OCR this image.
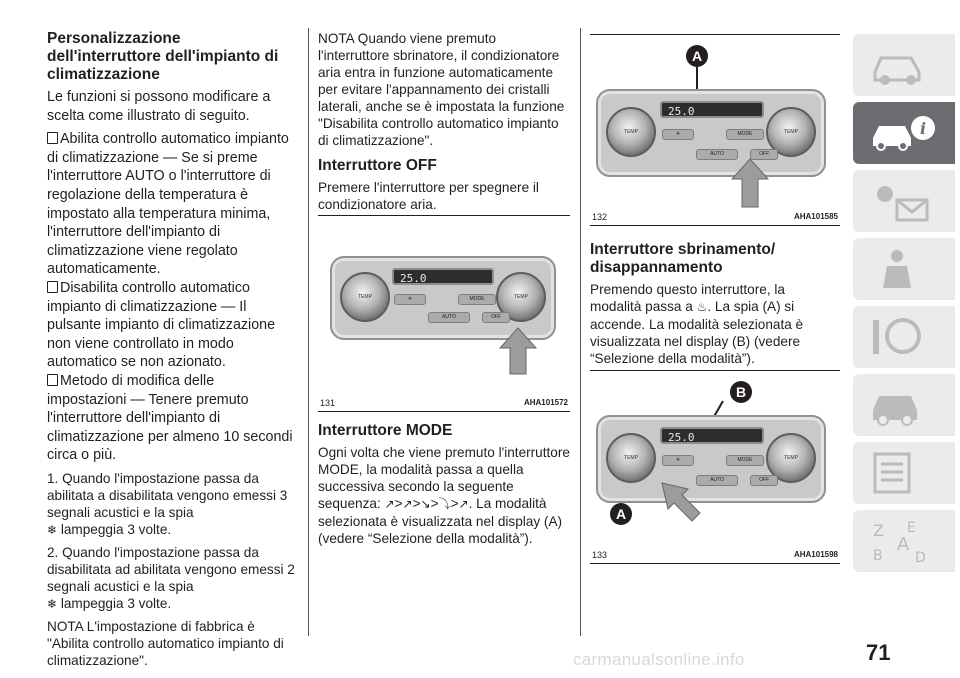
Personalizzazione dell'interruttore dell'impianto di climatizzazione

Le funzioni si possono modificare a scelta come illustrato di seguito.

Abilita controllo automatico impianto di climatizzazione — Se si preme l'interruttore AUTO o l'interruttore di regolazione della temperatura è impostato alla temperatura minima, l'interruttore dell'impianto di climatizzazione viene regolato automaticamente.

Disabilita controllo automatico impianto di climatizzazione — Il pulsante impianto di climatizzazione non viene controllato in modo automatico se non azionato.

Metodo di modifica delle impostazioni — Tenere premuto l'interruttore dell'impianto di climatizzazione per almeno 10 secondi circa o più.

1. Quando l'impostazione passa da abilitata a disabilitata vengono emessi 3 segnali acustici e la spia
❄ lampeggia 3 volte.

2. Quando l'impostazione passa da disabilitata ad abilitata vengono emessi 2 segnali acustici e la spia
❄ lampeggia 3 volte.

NOTA L'impostazione di fabbrica è "Abilita controllo automatico impianto di climatizzazione".

NOTA Quando viene premuto l'interruttore sbrinatore, il condizionatore aria entra in funzione automaticamente per evitare l'appannamento dei cristalli laterali, anche se è impostata la funzione "Disabilita controllo automatico impianto di climatizzazione".

Interruttore OFF

Premere l'interruttore per spegnere il condizionatore aria.

TEMP	TEMP
25.0
MODE
✳
AUTO	OFF
131	AHA101572
Interruttore MODE

Ogni volta che viene premuto l'interruttore MODE, la modalità passa a quella successiva secondo la seguente
sequenza: ↗>↗>↘>⤵>↗. La modalità selezionata è visualizzata nel display (A) (vedere “Selezione della modalità”).

A
TEMP	TEMP
25.0
MODE
✳
AUTO	OFF
132	AHA101585
Interruttore sbrinamento/ disappannamento

Premendo questo interruttore, la modalità passa a ♨. La spia (A) si accende. La modalità selezionata è visualizzata nel display (B) (vedere “Selezione della modalità”).

B
TEMP	TEMP
25.0
MODE
✳
AUTO	OFF
A
133	AHA101598
i
Z E
A
B D
71
carmanualsonline.info
